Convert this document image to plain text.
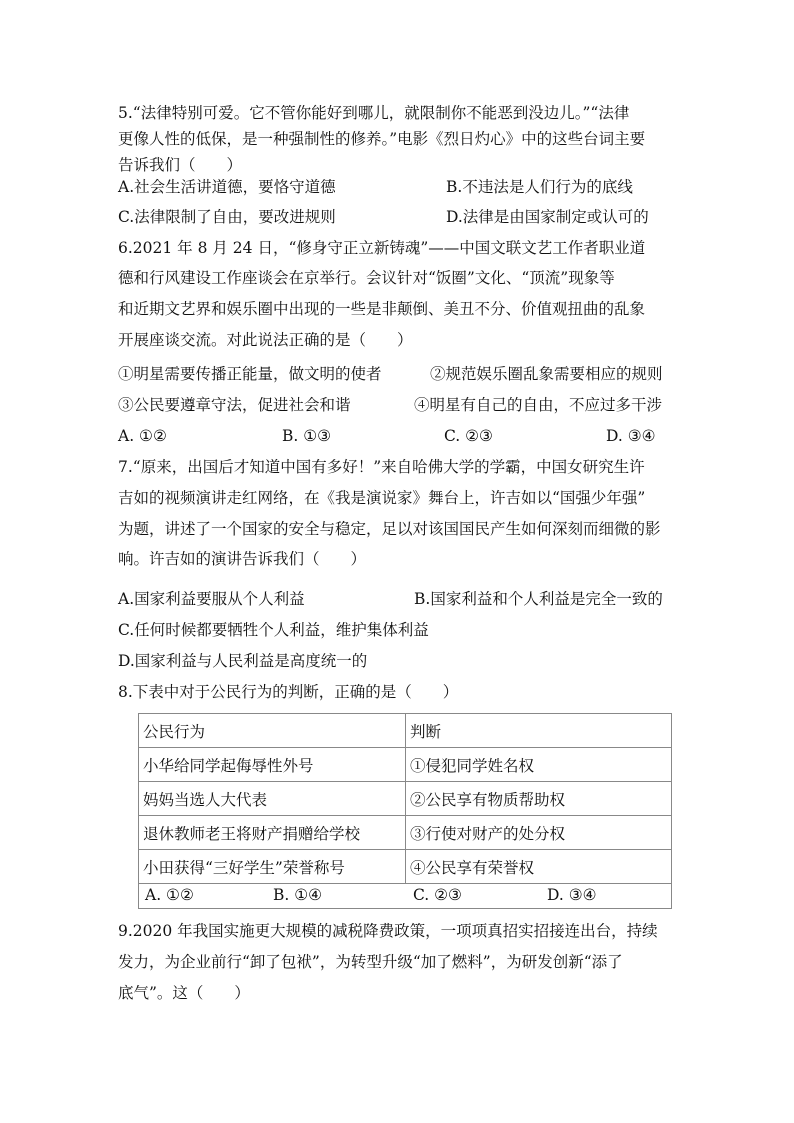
5.“法律特别可爱。它不管你能好到哪儿，就限制你不能恶到没边儿。”“法律
更像人性的低保，是一种强制性的修养。”电影《烈日灼心》中的这些台词主要
告诉我们（　　）
A.社会生活讲道德，要恪守道德	B.不违法是人们行为的底线
C.法律限制了自由，要改进规则	D.法律是由国家制定或认可的
6.2021 年 8 月 24 日，“修身守正立新铸魂”——中国文联文艺工作者职业道
德和行风建设工作座谈会在京举行。会议针对“饭圈”文化、“顶流”现象等
和近期文艺界和娱乐圈中出现的一些是非颠倒、美丑不分、价值观扭曲的乱象
开展座谈交流。对此说法正确的是（　　）
①明星需要传播正能量，做文明的使者	②规范娱乐圈乱象需要相应的规则
③公民要遵章守法，促进社会和谐	④明星有自己的自由，不应过多干涉
A. ①②	B. ①③	C. ②③	D. ③④
7.“原来，出国后才知道中国有多好！”来自哈佛大学的学霸，中国女研究生许
吉如的视频演讲走红网络，在《我是演说家》舞台上，许吉如以“国强少年强”
为题，讲述了一个国家的安全与稳定，足以对该国国民产生如何深刻而细微的影
响。许吉如的演讲告诉我们（　　）
A.国家利益要服从个人利益	B.国家利益和个人利益是完全一致的
C.任何时候都要牺牲个人利益，维护集体利益
D.国家利益与人民利益是高度统一的
8.下表中对于公民行为的判断，正确的是（　　）
公民行为	判断
小华给同学起侮辱性外号	①侵犯同学姓名权
妈妈当选人大代表	②公民享有物质帮助权
退休教师老王将财产捐赠给学校	③行使对财产的处分权
小田获得“三好学生”荣誉称号	④公民享有荣誉权

A. ①② B. ①④ C. ②③ D. ③④	
9.2020 年我国实施更大规模的减税降费政策，一项项真招实招接连出台，持续
发力，为企业前行“卸了包袱”，为转型升级“加了燃料”，为研发创新“添了
底气”。这（　　）
